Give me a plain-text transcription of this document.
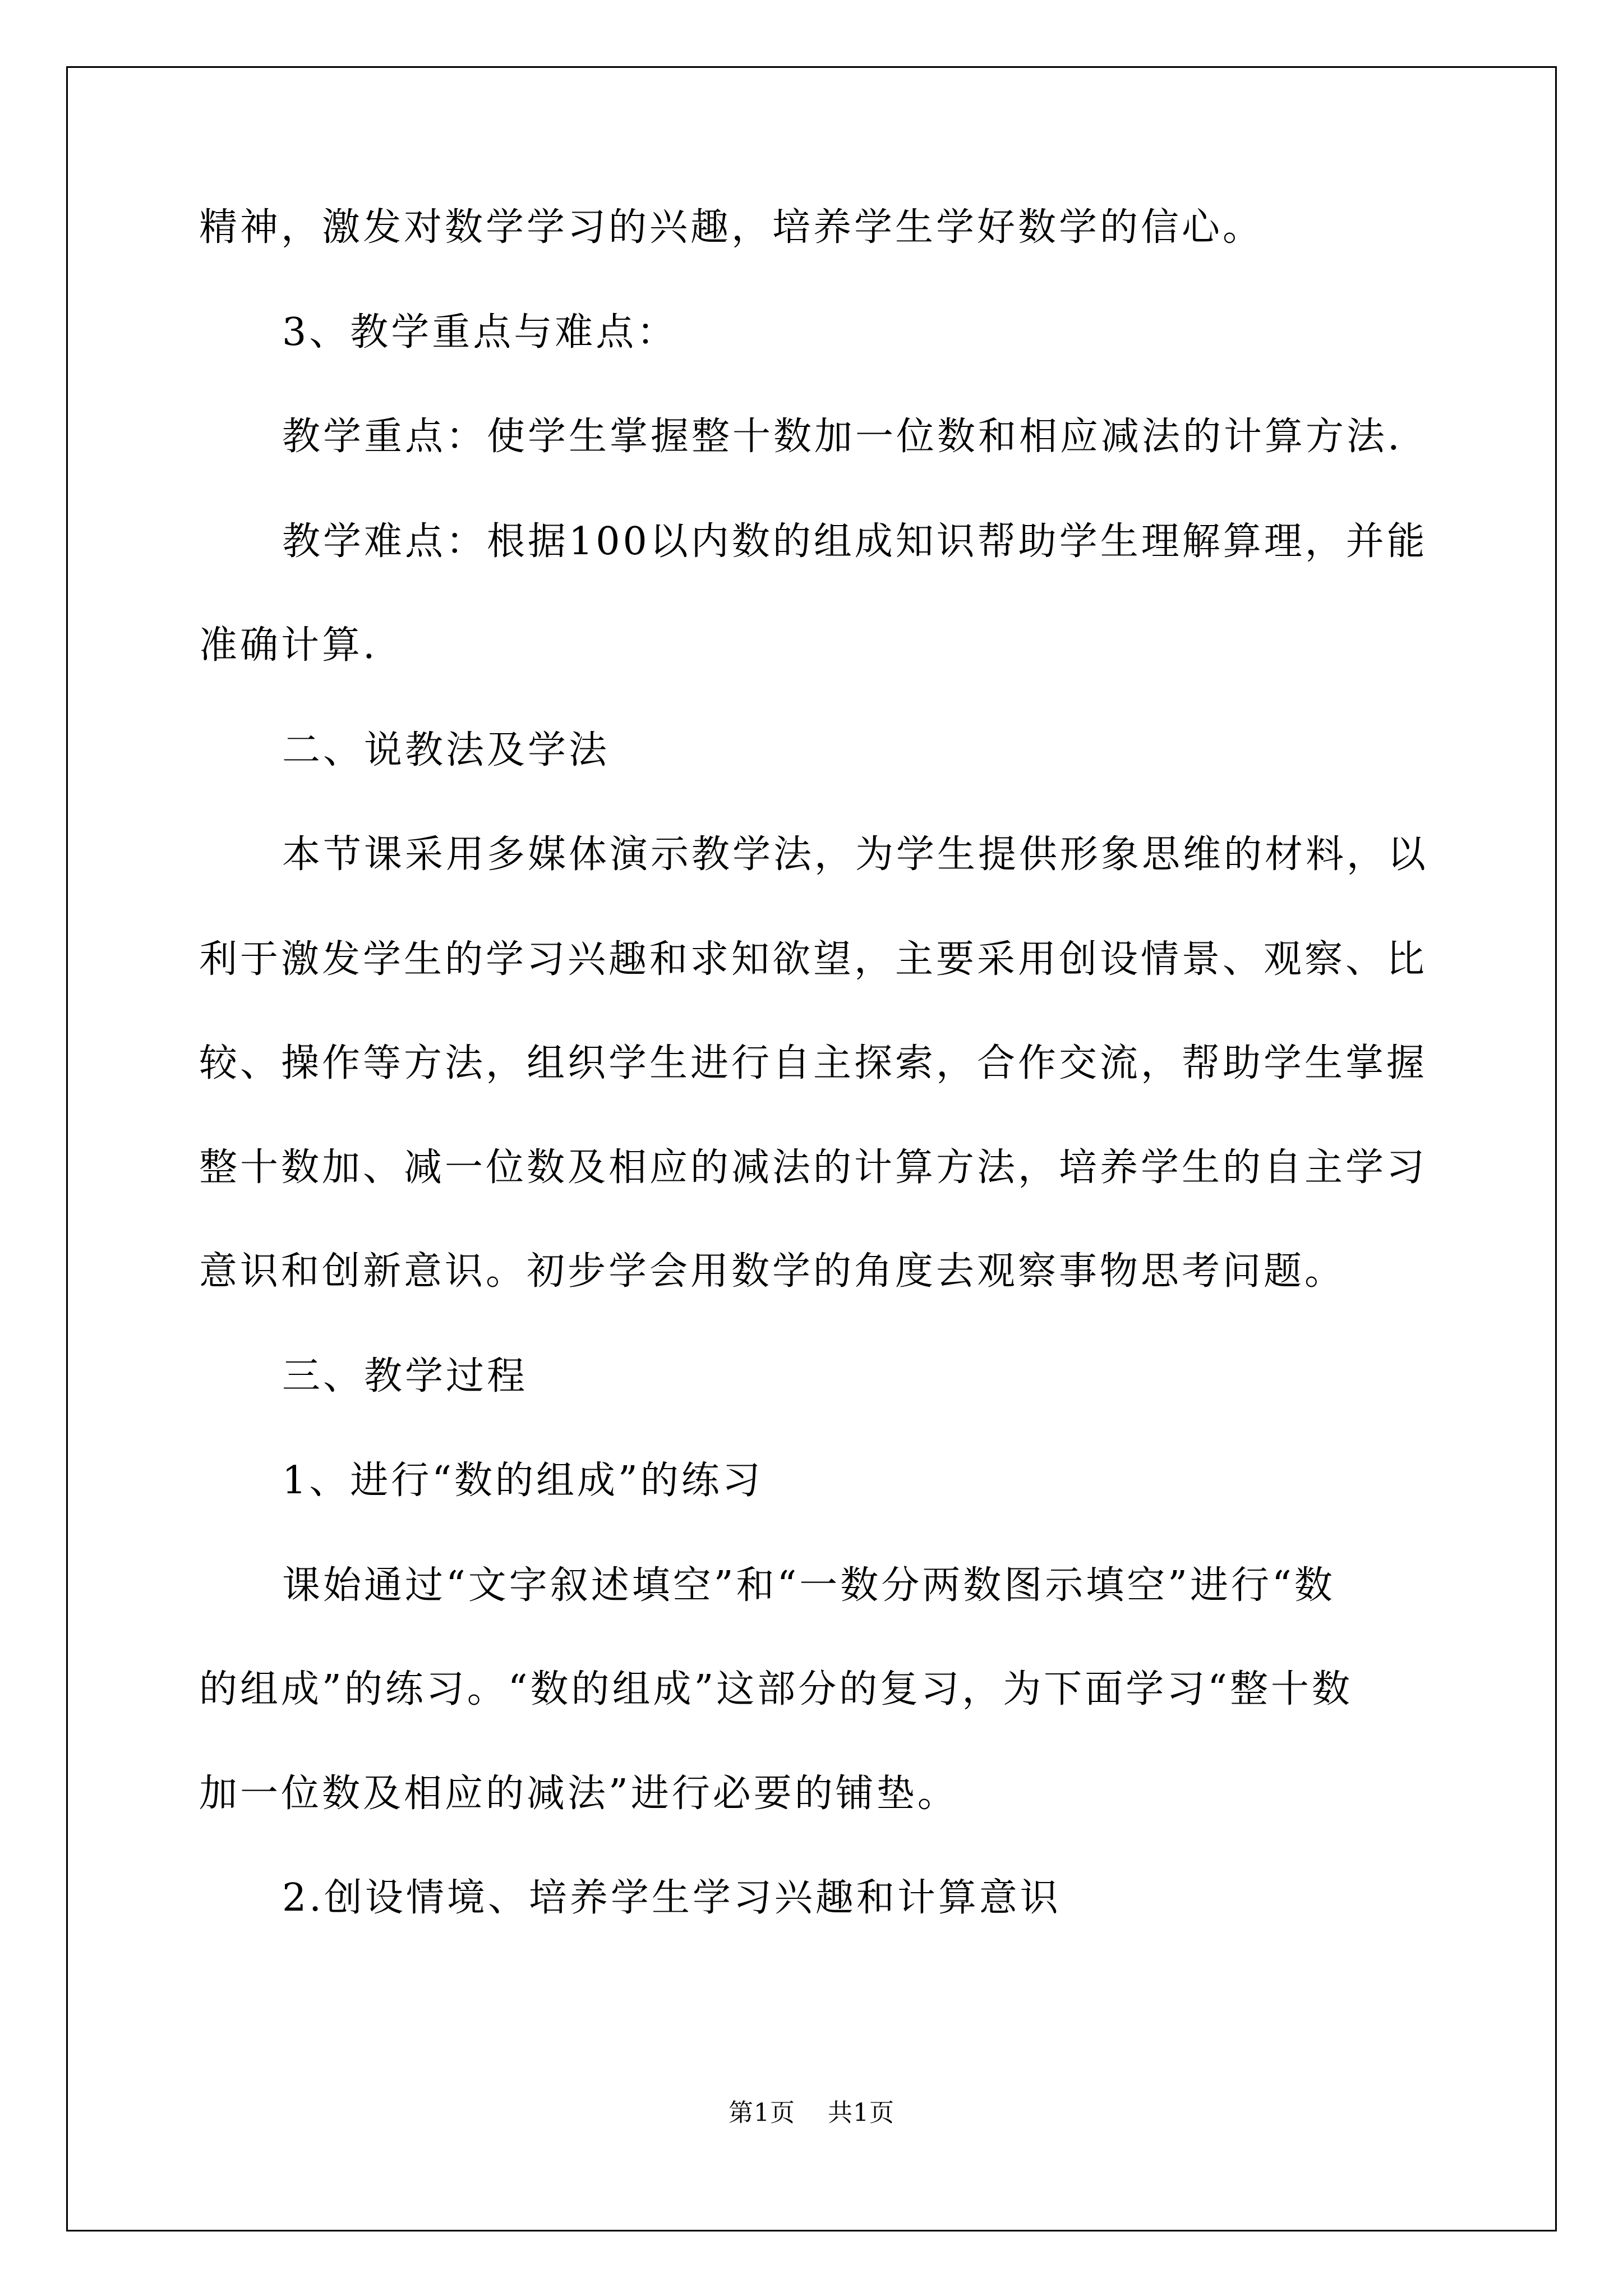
精神，激发对数学学习的兴趣，培养学生学好数学的信心。
3、教学重点与难点：
教学重点：使学生掌握整十数加一位数和相应减法的计算方法.
教学难点：根据100以内数的组成知识帮助学生理解算理，并能
准确计算.
二、说教法及学法
本节课采用多媒体演示教学法，为学生提供形象思维的材料，以
利于激发学生的学习兴趣和求知欲望，主要采用创设情景、观察、比
较、操作等方法，组织学生进行自主探索，合作交流，帮助学生掌握
整十数加、减一位数及相应的减法的计算方法，培养学生的自主学习
意识和创新意识。初步学会用数学的角度去观察事物思考问题。
三、教学过程
1、进行“数的组成”的练习
课始通过“文字叙述填空”和“一数分两数图示填空”进行“数
的组成”的练习。“数的组成”这部分的复习，为下面学习“整十数
加一位数及相应的减法”进行必要的铺垫。
2.创设情境、培养学生学习兴趣和计算意识
第1页 共1页
